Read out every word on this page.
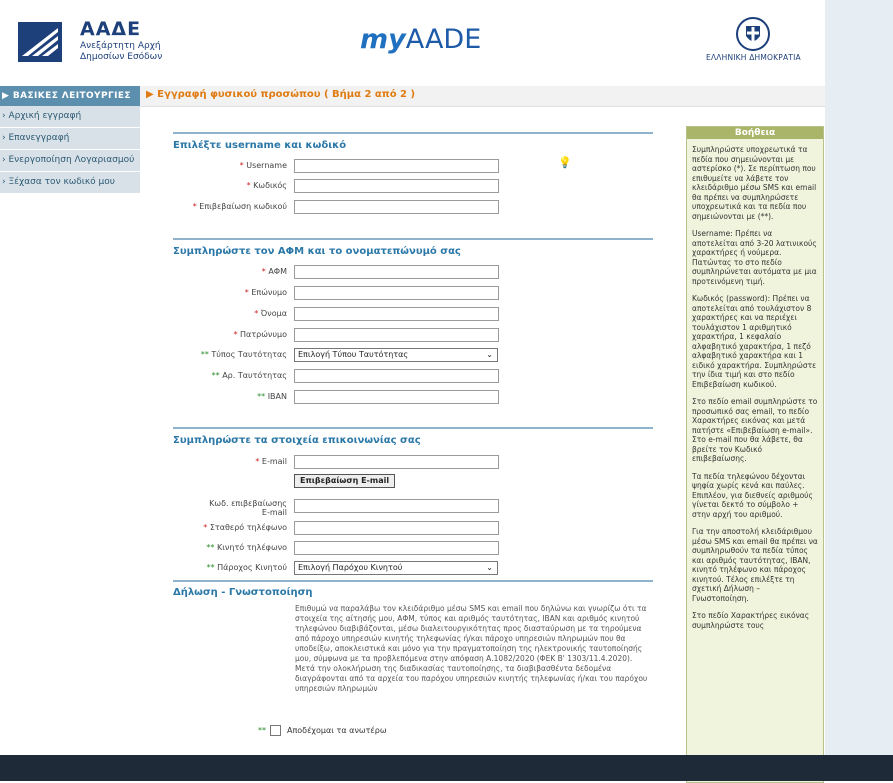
ΑΑΔΕ
Ανεξάρτητη Αρχή
Δημοσίων Εσόδων
myAADE
ΕΛΛΗΝΙΚΗ ΔΗΜΟΚΡΑΤΙΑ
▶ ΒΑΣΙΚΕΣ ΛΕΙΤΟΥΡΓΙΕΣ
› Αρχική εγγραφή
› Επανεγγραφή
› Ενεργοποίηση Λογαριασμού
› Ξέχασα τον κωδικό μου
▶ Εγγραφή φυσικού προσώπου ( Βήμα 2 από 2 )
Επιλέξτε username και κωδικό
* Username
* Κωδικός
* Επιβεβαίωση κωδικού
💡
Συμπληρώστε τον ΑΦΜ και το ονοματεπώνυμό σας
* ΑΦΜ
* Επώνυμο
* Όνομα
* Πατρώνυμο
** Τύπος Ταυτότητας	Επιλογή Τύπου Ταυτότητας	⌄
** Αρ. Ταυτότητας
** IBAN
Συμπληρώστε τα στοιχεία επικοινωνίας σας
* E-mail
Επιβεβαίωση E-mail
Κωδ. επιβεβαίωσης
E-mail
* Σταθερό τηλέφωνο
** Κινητό τηλέφωνο
** Πάροχος Κινητού	Επιλογή Παρόχου Κινητού	⌄
Δήλωση - Γνωστοποίηση
Επιθυμώ να παραλάβω τον κλειδάριθμο μέσω SMS και email που δηλώνω και γνωρίζω ότι τα στοιχεία της αίτησής μου, ΑΦΜ, τύπος και αριθμός ταυτότητας, IBAN και αριθμός κινητού τηλεφώνου διαβιβάζονται, μέσω διαλειτουργικότητας προς διασταύρωση με τα τηρούμενα από πάροχο υπηρεσιών κινητής τηλεφωνίας ή/και πάροχο υπηρεσιών πληρωμών που θα υποδείξω, αποκλειστικά και μόνο για την πραγματοποίηση της ηλεκτρονικής ταυτοποίησής μου, σύμφωνα με τα προβλεπόμενα στην απόφαση Α.1082/2020 (ΦΕΚ Β' 1303/11.4.2020). Μετά την ολοκλήρωση της διαδικασίας ταυτοποίησης, τα διαβιβασθέντα δεδομένα διαγράφονται από τα αρχεία του παρόχου υπηρεσιών κινητής τηλεφωνίας ή/και του παρόχου υπηρεσιών πληρωμών
**	Αποδέχομαι τα ανωτέρω
Βοήθεια

Συμπληρώστε υποχρεωτικά τα πεδία που σημειώνονται με αστερίσκο (*). Σε περίπτωση που επιθυμείτε να λάβετε τον κλειδάριθμο μέσω SMS και email θα πρέπει να συμπληρώσετε υποχρεωτικά και τα πεδία που σημειώνονται με (**).

Username: Πρέπει να αποτελείται από 3-20 λατινικούς χαρακτήρες ή νούμερα. Πατώντας το στο πεδίο συμπληρώνεται αυτόματα με μια προτεινόμενη τιμή.

Κωδικός (password): Πρέπει να αποτελείται από τουλάχιστον 8 χαρακτήρες και να περιέχει τουλάχιστον 1 αριθμητικό χαρακτήρα, 1 κεφαλαίο αλφαβητικό χαρακτήρα, 1 πεζό αλφαβητικό χαρακτήρα και 1 ειδικό χαρακτήρα. Συμπληρώστε την ίδια τιμή και στο πεδίο Επιβεβαίωση κωδικού.

Στο πεδίο email συμπληρώστε το προσωπικό σας email, το πεδίο Χαρακτήρες εικόνας και μετά πατήστε «Επιβεβαίωση e-mail». Στο e-mail που θα λάβετε, θα βρείτε τον Κωδικό επιβεβαίωσης.

Τα πεδία τηλεφώνου δέχονται ψηφία χωρίς κενά και παύλες. Επιπλέον, για διεθνείς αριθμούς γίνεται δεκτό το σύμβολο + στην αρχή του αριθμού.

Για την αποστολή κλειδάριθμου μέσω SMS και email θα πρέπει να συμπληρωθούν τα πεδία τύπος και αριθμός ταυτότητας, IBAN, κινητό τηλέφωνο και πάροχος κινητού. Τέλος επιλέξτε τη σχετική Δήλωση – Γνωστοποίηση.

Στο πεδίο Χαρακτήρες εικόνας συμπληρώστε τους
